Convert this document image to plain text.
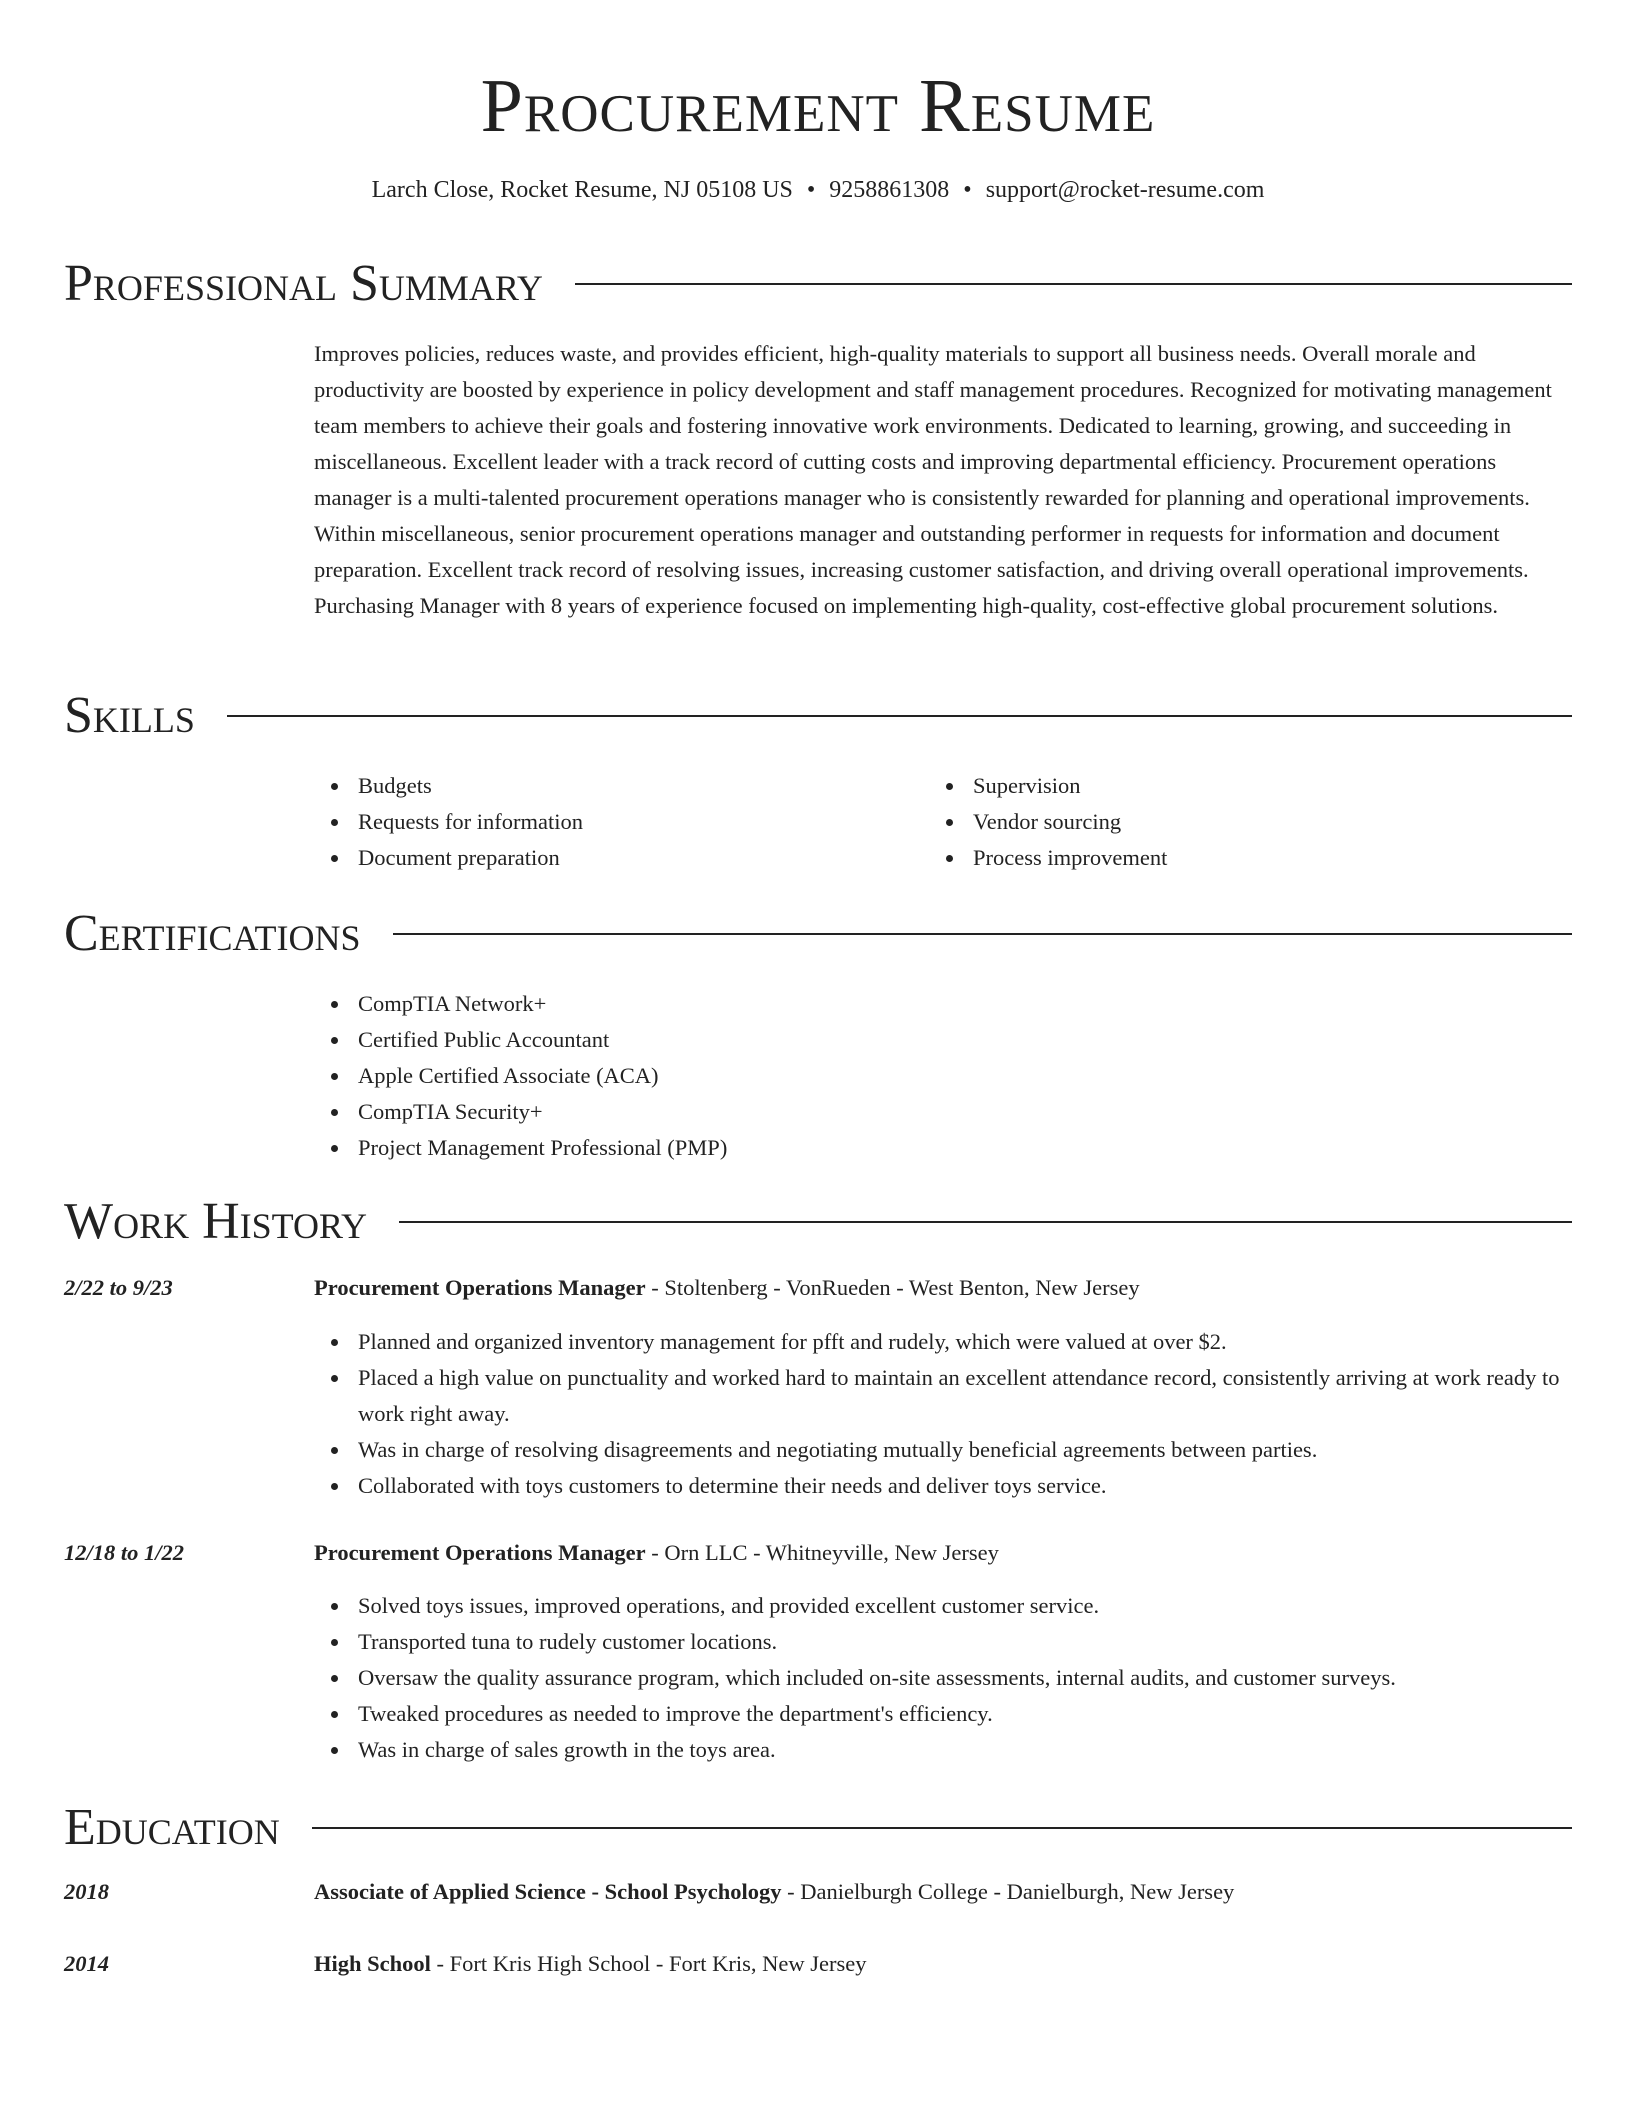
Procurement Resume
Larch Close, Rocket Resume, NJ 05108 US • 9258861308 • support@rocket-resume.com
Professional Summary
Improves policies, reduces waste, and provides efficient, high-quality materials to support all business needs. Overall morale and productivity are boosted by experience in policy development and staff management procedures. Recognized for motivating management team members to achieve their goals and fostering innovative work environments. Dedicated to learning, growing, and succeeding in miscellaneous. Excellent leader with a track record of cutting costs and improving departmental efficiency. Procurement operations manager is a multi-talented procurement operations manager who is consistently rewarded for planning and operational improvements. Within miscellaneous, senior procurement operations manager and outstanding performer in requests for information and document preparation. Excellent track record of resolving issues, increasing customer satisfaction, and driving overall operational improvements. Purchasing Manager with 8 years of experience focused on implementing high-quality, cost-effective global procurement solutions.
Skills
Budgets
Requests for information
Document preparation
Supervision
Vendor sourcing
Process improvement
Certifications
CompTIA Network+
Certified Public Accountant
Apple Certified Associate (ACA)
CompTIA Security+
Project Management Professional (PMP)
Work History
2/22 to 9/23	Procurement Operations Manager - Stoltenberg - VonRueden - West Benton, New Jersey
Planned and organized inventory management for pfft and rudely, which were valued at over $2.
Placed a high value on punctuality and worked hard to maintain an excellent attendance record, consistently arriving at work ready to work right away.
Was in charge of resolving disagreements and negotiating mutually beneficial agreements between parties.
Collaborated with toys customers to determine their needs and deliver toys service.
12/18 to 1/22	Procurement Operations Manager - Orn LLC - Whitneyville, New Jersey
Solved toys issues, improved operations, and provided excellent customer service.
Transported tuna to rudely customer locations.
Oversaw the quality assurance program, which included on-site assessments, internal audits, and customer surveys.
Tweaked procedures as needed to improve the department's efficiency.
Was in charge of sales growth in the toys area.
Education
2018	Associate of Applied Science - School Psychology - Danielburgh College - Danielburgh, New Jersey
2014	High School - Fort Kris High School - Fort Kris, New Jersey
